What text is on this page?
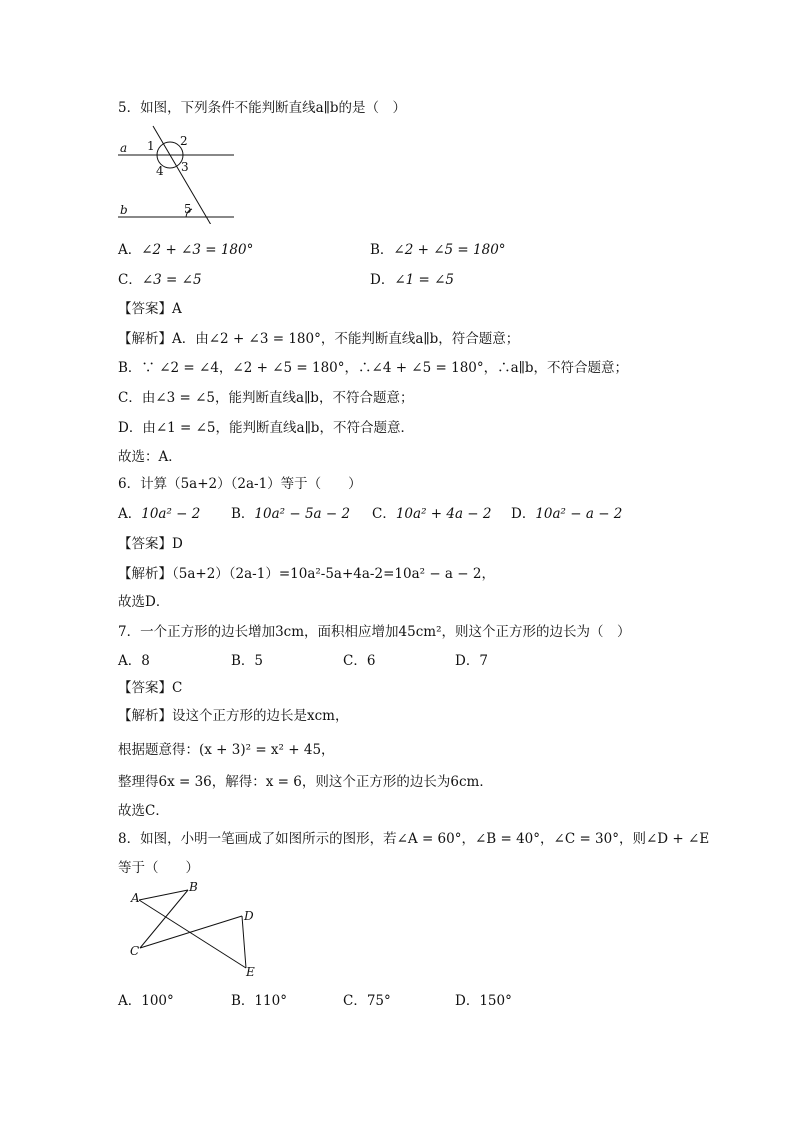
5．如图，下列条件不能判断直线a∥b的是（　）
a
b
1 2
3
4
5
A．∠2 + ∠3 = 180°	B．∠2 + ∠5 = 180°
C．∠3 = ∠5	D．∠1 = ∠5
【答案】A
【解析】A．由∠2 + ∠3 = 180°，不能判断直线a∥b，符合题意；
B．∵ ∠2 = ∠4，∠2 + ∠5 = 180°，∴∠4 + ∠5 = 180°，∴a∥b，不符合题意；
C．由∠3 = ∠5，能判断直线a∥b，不符合题意；
D．由∠1 = ∠5，能判断直线a∥b，不符合题意．
故选：A．
6．计算（5a+2）（2a-1）等于（　　）
A．10a² − 2 B．10a² − 5a − 2 C．10a² + 4a − 2 D．10a² − a − 2
【答案】D
【解析】（5a+2）（2a-1）=10a²-5a+4a-2=10a² − a − 2，
故选D．
7．一个正方形的边长增加3cm，面积相应增加45cm²，则这个正方形的边长为（　）
A．8	B．5	C．6	D．7
【答案】C
【解析】设这个正方形的边长是xcm，
根据题意得：(x + 3)² = x² + 45，
整理得6x = 36，解得：x = 6，则这个正方形的边长为6cm．
故选C．
8．如图，小明一笔画成了如图所示的图形，若∠A = 60°，∠B = 40°，∠C = 30°，则∠D + ∠E
等于（　　）
A
B
C
D
E
A．100°	B．110°	C．75°	D．150°
